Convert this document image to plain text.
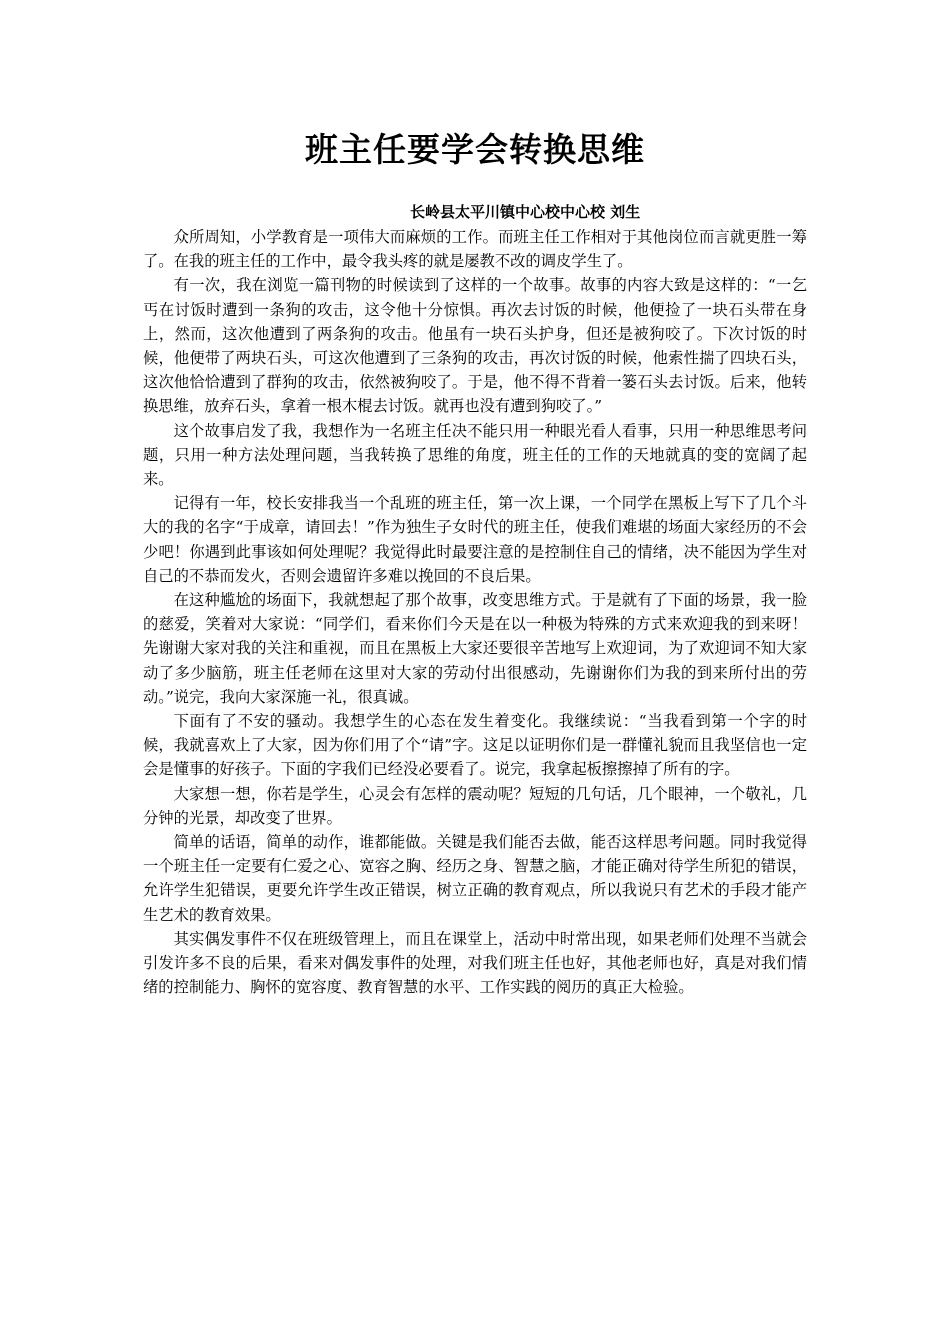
班主任要学会转换思维
长岭县太平川镇中心校中心校 刘生

众所周知，小学教育是一项伟大而麻烦的工作。而班主任工作相对于其他岗位而言就更胜一筹了。在我的班主任的工作中，最令我头疼的就是屡教不改的调皮学生了。

有一次，我在浏览一篇刊物的时候读到了这样的一个故事。故事的内容大致是这样的：“一乞丐在讨饭时遭到一条狗的攻击，这令他十分惊惧。再次去讨饭的时候，他便捡了一块石头带在身上，然而，这次他遭到了两条狗的攻击。他虽有一块石头护身，但还是被狗咬了。下次讨饭的时候，他便带了两块石头，可这次他遭到了三条狗的攻击，再次讨饭的时候，他索性揣了四块石头，这次他恰恰遭到了群狗的攻击，依然被狗咬了。于是，他不得不背着一篓石头去讨饭。后来，他转换思维，放弃石头，拿着一根木棍去讨饭。就再也没有遭到狗咬了。”

这个故事启发了我，我想作为一名班主任决不能只用一种眼光看人看事，只用一种思维思考问题，只用一种方法处理问题，当我转换了思维的角度，班主任的工作的天地就真的变的宽阔了起来。

记得有一年，校长安排我当一个乱班的班主任，第一次上课，一个同学在黑板上写下了几个斗大的我的名字“于成章，请回去！”作为独生子女时代的班主任，使我们难堪的场面大家经历的不会少吧！你遇到此事该如何处理呢？我觉得此时最要注意的是控制住自己的情绪，决不能因为学生对自己的不恭而发火，否则会遗留许多难以挽回的不良后果。

在这种尴尬的场面下，我就想起了那个故事，改变思维方式。于是就有了下面的场景，我一脸的慈爱，笑着对大家说：“同学们，看来你们今天是在以一种极为特殊的方式来欢迎我的到来呀！先谢谢大家对我的关注和重视，而且在黑板上大家还要很辛苦地写上欢迎词，为了欢迎词不知大家动了多少脑筋，班主任老师在这里对大家的劳动付出很感动，先谢谢你们为我的到来所付出的劳动。”说完，我向大家深施一礼，很真诚。

下面有了不安的骚动。我想学生的心态在发生着变化。我继续说：“当我看到第一个字的时候，我就喜欢上了大家，因为你们用了个“请”字。这足以证明你们是一群懂礼貌而且我坚信也一定会是懂事的好孩子。下面的字我们已经没必要看了。说完，我拿起板擦擦掉了所有的字。

大家想一想，你若是学生，心灵会有怎样的震动呢？短短的几句话，几个眼神，一个敬礼，几分钟的光景，却改变了世界。

简单的话语，简单的动作，谁都能做。关键是我们能否去做，能否这样思考问题。同时我觉得一个班主任一定要有仁爱之心、宽容之胸、经历之身、智慧之脑，才能正确对待学生所犯的错误，允许学生犯错误，更要允许学生改正错误，树立正确的教育观点，所以我说只有艺术的手段才能产生艺术的教育效果。

其实偶发事件不仅在班级管理上，而且在课堂上，活动中时常出现，如果老师们处理不当就会引发许多不良的后果，看来对偶发事件的处理，对我们班主任也好，其他老师也好，真是对我们情绪的控制能力、胸怀的宽容度、教育智慧的水平、工作实践的阅历的真正大检验。
